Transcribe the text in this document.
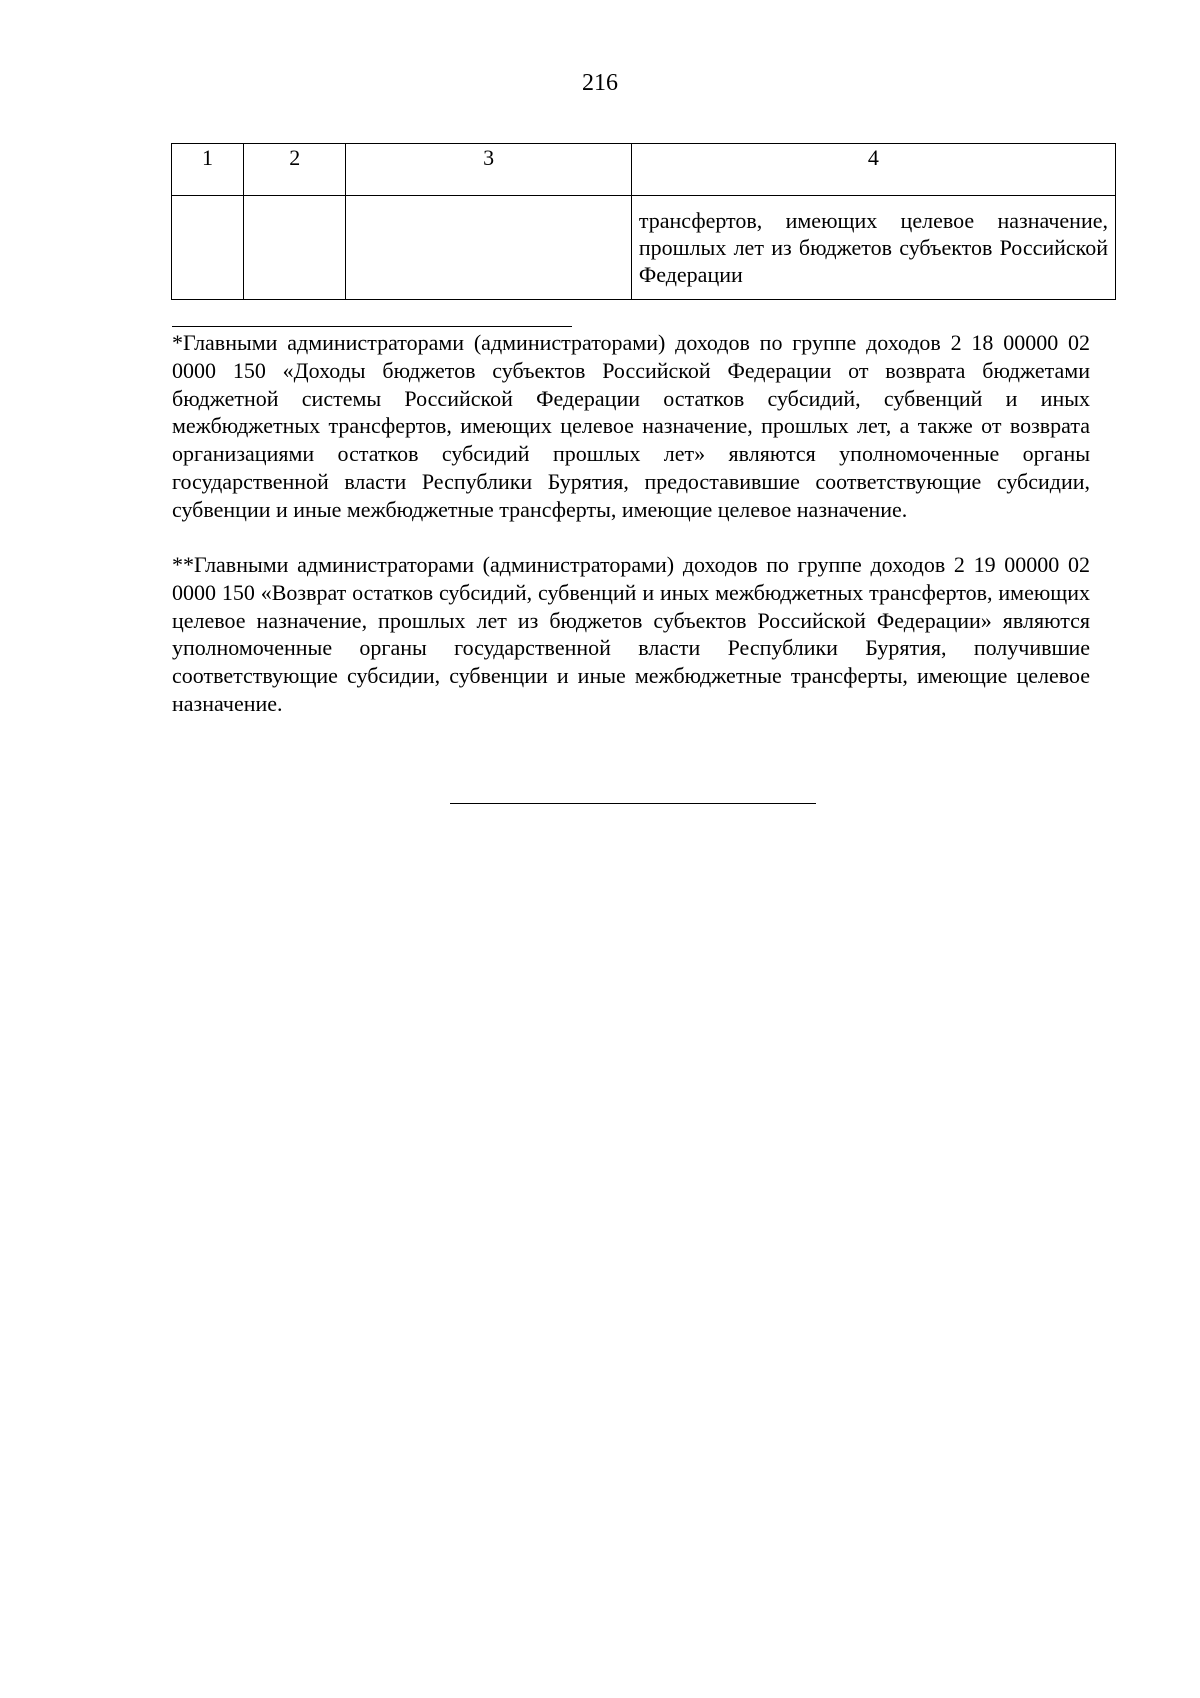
216
1	2	3	4

			трансфертов, имеющих целевое назначение, прошлых лет из бюджетов субъектов Российской Федерации
*Главными администраторами (администраторами) доходов по группе доходов 2 18 00000 02 0000 150 «Доходы бюджетов субъектов Российской Федерации от возврата бюджетами бюджетной системы Российской Федерации остатков субсидий, субвенций и иных межбюджетных трансфертов, имеющих целевое назначение, прошлых лет, а также от возврата организациями остатков субсидий прошлых лет» являются уполномоченные органы государственной власти Республики Бурятия, предоставившие соответствующие субсидии, субвенции и иные межбюджетные трансферты, имеющие целевое назначение.
**Главными администраторами (администраторами) доходов по группе доходов 2 19 00000 02 0000 150 «Возврат остатков субсидий, субвенций и иных межбюджетных трансфертов, имеющих целевое назначение, прошлых лет из бюджетов субъектов Российской Федерации» являются уполномоченные органы государственной власти Республики Бурятия, получившие соответствующие субсидии, субвенции и иные межбюджетные трансферты, имеющие целевое назначение.
